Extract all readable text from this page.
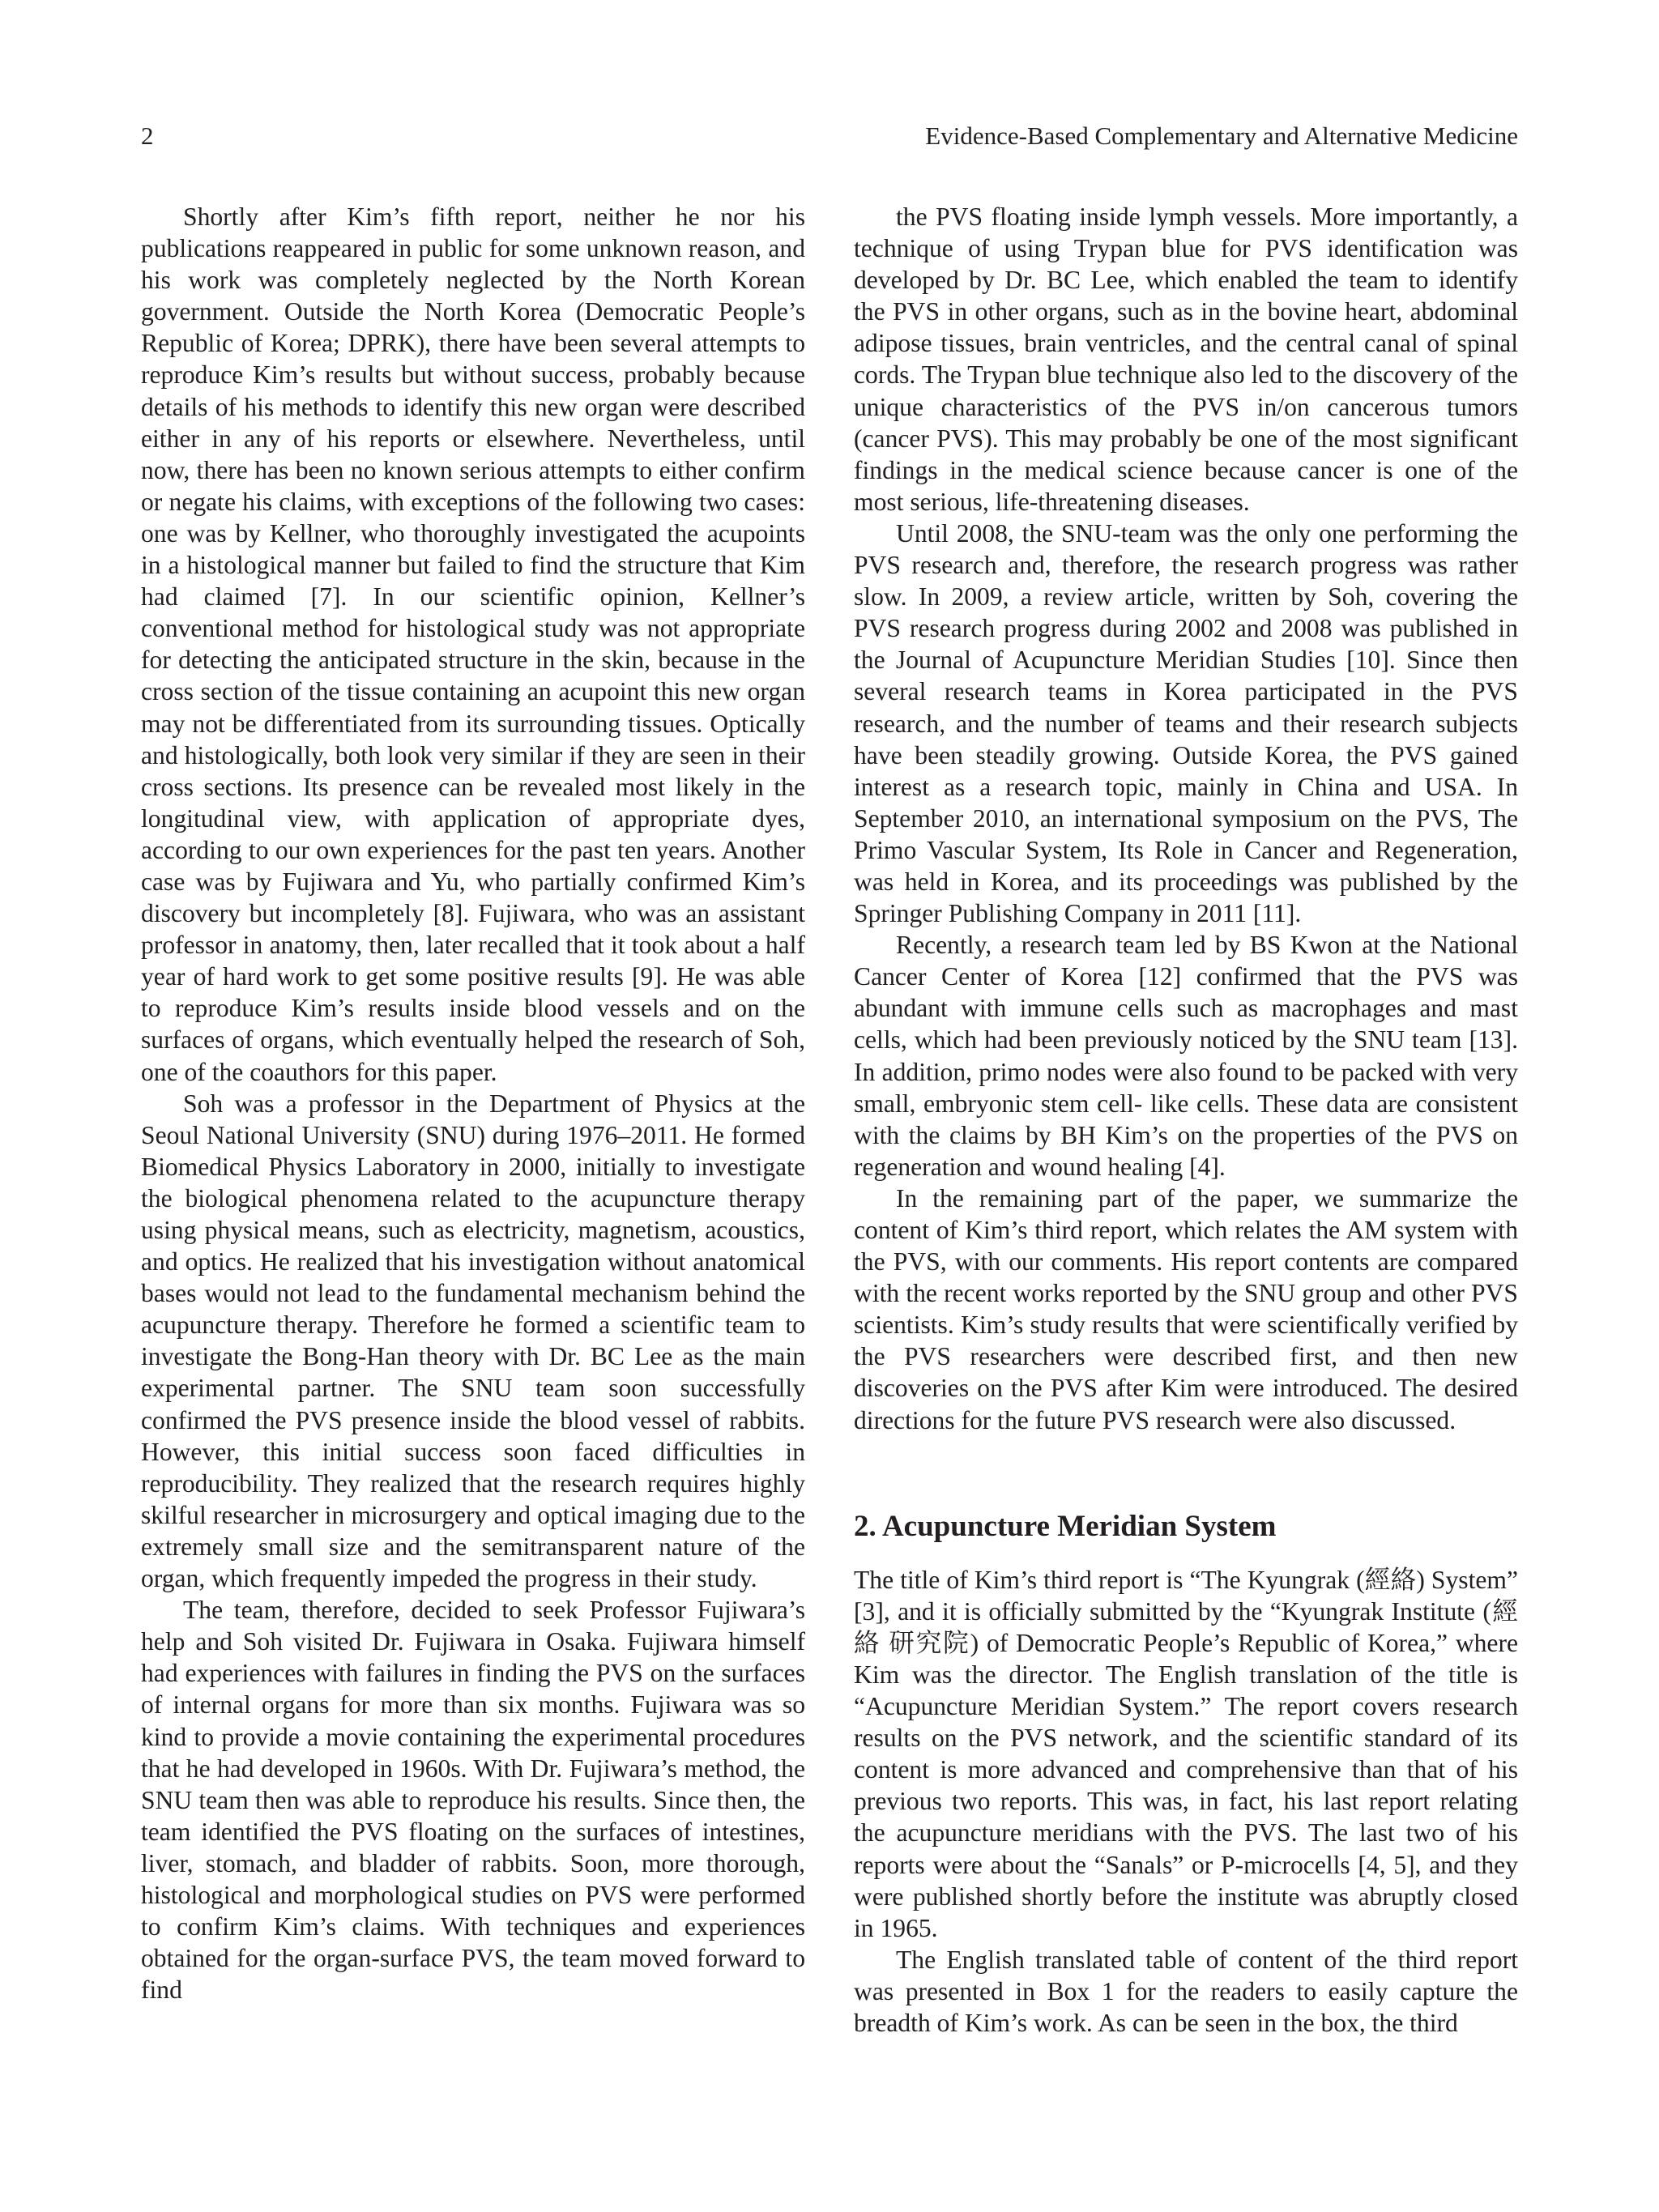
2	Evidence-Based Complementary and Alternative Medicine

Shortly after Kim’s fifth report, neither he nor his publications reappeared in public for some unknown reason, and his work was completely neglected by the North Korean government. Outside the North Korea (Democratic People’s Republic of Korea; DPRK), there have been several attempts to reproduce Kim’s results but without success, probably because details of his methods to identify this new organ were described either in any of his reports or elsewhere. Nevertheless, until now, there has been no known serious attempts to either confirm or negate his claims, with exceptions of the following two cases: one was by Kellner, who thoroughly investigated the acupoints in a histological manner but failed to find the structure that Kim had claimed [7]. In our scientific opinion, Kellner’s conventional method for histological study was not appropriate for detecting the anticipated structure in the skin, because in the cross section of the tissue containing an acupoint this new organ may not be differentiated from its surrounding tissues. Optically and histologically, both look very similar if they are seen in their cross sections. Its presence can be revealed most likely in the longitudinal view, with application of appropriate dyes, according to our own experiences for the past ten years. Another case was by Fujiwara and Yu, who partially confirmed Kim’s discovery but incompletely [8]. Fujiwara, who was an assistant professor in anatomy, then, later recalled that it took about a half year of hard work to get some positive results [9]. He was able to reproduce Kim’s results inside blood vessels and on the surfaces of organs, which eventually helped the research of Soh, one of the coauthors for this paper.

Soh was a professor in the Department of Physics at the Seoul National University (SNU) during 1976–2011. He formed Biomedical Physics Laboratory in 2000, initially to investigate the biological phenomena related to the acupuncture therapy using physical means, such as electricity, magnetism, acoustics, and optics. He realized that his investigation without anatomical bases would not lead to the fundamental mechanism behind the acupuncture therapy. Therefore he formed a scientific team to investigate the Bong-Han theory with Dr. BC Lee as the main experimental partner. The SNU team soon successfully confirmed the PVS presence inside the blood vessel of rabbits. However, this initial success soon faced difficulties in reproducibility. They realized that the research requires highly skilful researcher in microsurgery and optical imaging due to the extremely small size and the semitransparent nature of the organ, which frequently impeded the progress in their study.

The team, therefore, decided to seek Professor Fujiwara’s help and Soh visited Dr. Fujiwara in Osaka. Fujiwara himself had experiences with failures in finding the PVS on the surfaces of internal organs for more than six months. Fujiwara was so kind to provide a movie containing the experimental procedures that he had developed in 1960s. With Dr. Fujiwara’s method, the SNU team then was able to reproduce his results. Since then, the team identified the PVS floating on the surfaces of intestines, liver, stomach, and bladder of rabbits. Soon, more thorough, histological and morphological studies on PVS were performed to confirm Kim’s claims. With techniques and experiences obtained for the organ-surface PVS, the team moved forward to find

the PVS floating inside lymph vessels. More importantly, a technique of using Trypan blue for PVS identification was developed by Dr. BC Lee, which enabled the team to identify the PVS in other organs, such as in the bovine heart, abdominal adipose tissues, brain ventricles, and the central canal of spinal cords. The Trypan blue technique also led to the discovery of the unique characteristics of the PVS in/on cancerous tumors (cancer PVS). This may probably be one of the most significant findings in the medical science because cancer is one of the most serious, life-threatening diseases.

Until 2008, the SNU-team was the only one performing the PVS research and, therefore, the research progress was rather slow. In 2009, a review article, written by Soh, covering the PVS research progress during 2002 and 2008 was published in the Journal of Acupuncture Meridian Studies [10]. Since then several research teams in Korea participated in the PVS research, and the number of teams and their research subjects have been steadily growing. Outside Korea, the PVS gained interest as a research topic, mainly in China and USA. In September 2010, an international symposium on the PVS, The Primo Vascular System, Its Role in Cancer and Regeneration, was held in Korea, and its proceedings was published by the Springer Publishing Company in 2011 [11].

Recently, a research team led by BS Kwon at the National Cancer Center of Korea [12] confirmed that the PVS was abundant with immune cells such as macrophages and mast cells, which had been previously noticed by the SNU team [13]. In addition, primo nodes were also found to be packed with very small, embryonic stem cell- like cells. These data are consistent with the claims by BH Kim’s on the properties of the PVS on regeneration and wound healing [4].

In the remaining part of the paper, we summarize the content of Kim’s third report, which relates the AM system with the PVS, with our comments. His report contents are compared with the recent works reported by the SNU group and other PVS scientists. Kim’s study results that were scientifically verified by the PVS researchers were described first, and then new discoveries on the PVS after Kim were introduced. The desired directions for the future PVS research were also discussed.

2. Acupuncture Meridian System

The title of Kim’s third report is “The Kyungrak (經絡) System” [3], and it is officially submitted by the “Kyungrak Institute (經絡 研究院) of Democratic People’s Republic of Korea,” where Kim was the director. The English translation of the title is “Acupuncture Meridian System.” The report covers research results on the PVS network, and the scientific standard of its content is more advanced and comprehensive than that of his previous two reports. This was, in fact, his last report relating the acupuncture meridians with the PVS. The last two of his reports were about the “Sanals” or P-microcells [4, 5], and they were published shortly before the institute was abruptly closed in 1965.

The English translated table of content of the third report was presented in Box 1 for the readers to easily capture the breadth of Kim’s work. As can be seen in the box, the third
